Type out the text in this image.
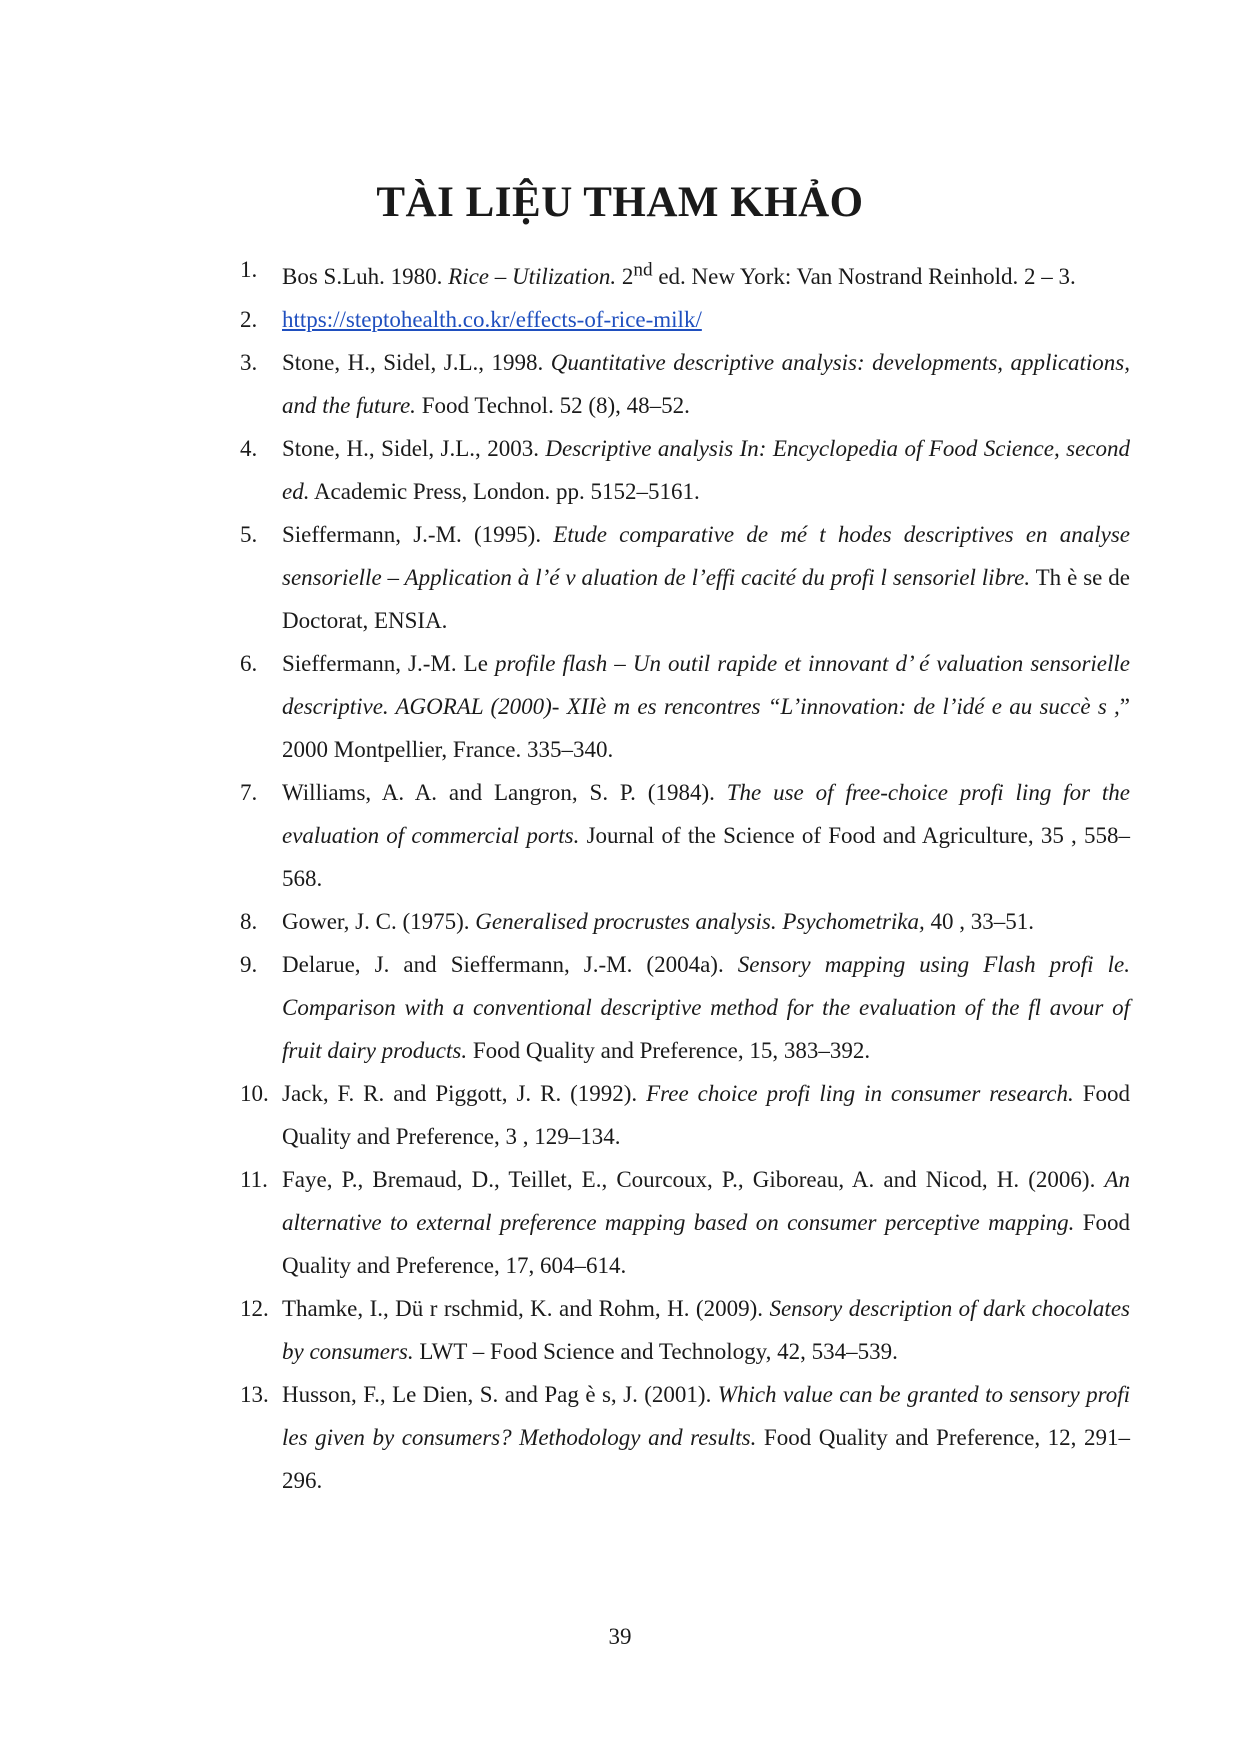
TÀI LIỆU THAM KHẢO
1. Bos S.Luh. 1980. Rice – Utilization. 2nd ed. New York: Van Nostrand Reinhold. 2 – 3.
2. https://steptohealth.co.kr/effects-of-rice-milk/
3. Stone, H., Sidel, J.L., 1998. Quantitative descriptive analysis: developments, applications, and the future. Food Technol. 52 (8), 48–52.
4. Stone, H., Sidel, J.L., 2003. Descriptive analysis In: Encyclopedia of Food Science, second ed. Academic Press, London. pp. 5152–5161.
5. Sieffermann, J.-M. (1995). Etude comparative de mé t hodes descriptives en analyse sensorielle – Application à l’é v aluation de l’effi cacité du profi l sensoriel libre. Th è se de Doctorat, ENSIA.
6. Sieffermann, J.-M. Le profile flash – Un outil rapide et innovant d’ é valuation sensorielle descriptive. AGORAL (2000)- XIIè m es rencontres “L’innovation: de l’idé e au succè s ,” 2000 Montpellier, France. 335–340.
7. Williams, A. A. and Langron, S. P. (1984). The use of free-choice profi ling for the evaluation of commercial ports. Journal of the Science of Food and Agriculture, 35 , 558–568.
8. Gower, J. C. (1975). Generalised procrustes analysis. Psychometrika, 40 , 33–51.
9. Delarue, J. and Sieffermann, J.-M. (2004a). Sensory mapping using Flash profi le. Comparison with a conventional descriptive method for the evaluation of the fl avour of fruit dairy products. Food Quality and Preference, 15, 383–392.
10. Jack, F. R. and Piggott, J. R. (1992). Free choice profi ling in consumer research. Food Quality and Preference, 3 , 129–134.
11. Faye, P., Bremaud, D., Teillet, E., Courcoux, P., Giboreau, A. and Nicod, H. (2006). An alternative to external preference mapping based on consumer perceptive mapping. Food Quality and Preference, 17, 604–614.
12. Thamke, I., Dü r rschmid, K. and Rohm, H. (2009). Sensory description of dark chocolates by consumers. LWT – Food Science and Technology, 42, 534–539.
13. Husson, F., Le Dien, S. and Pag è s, J. (2001). Which value can be granted to sensory profi les given by consumers? Methodology and results. Food Quality and Preference, 12, 291–296.
39
